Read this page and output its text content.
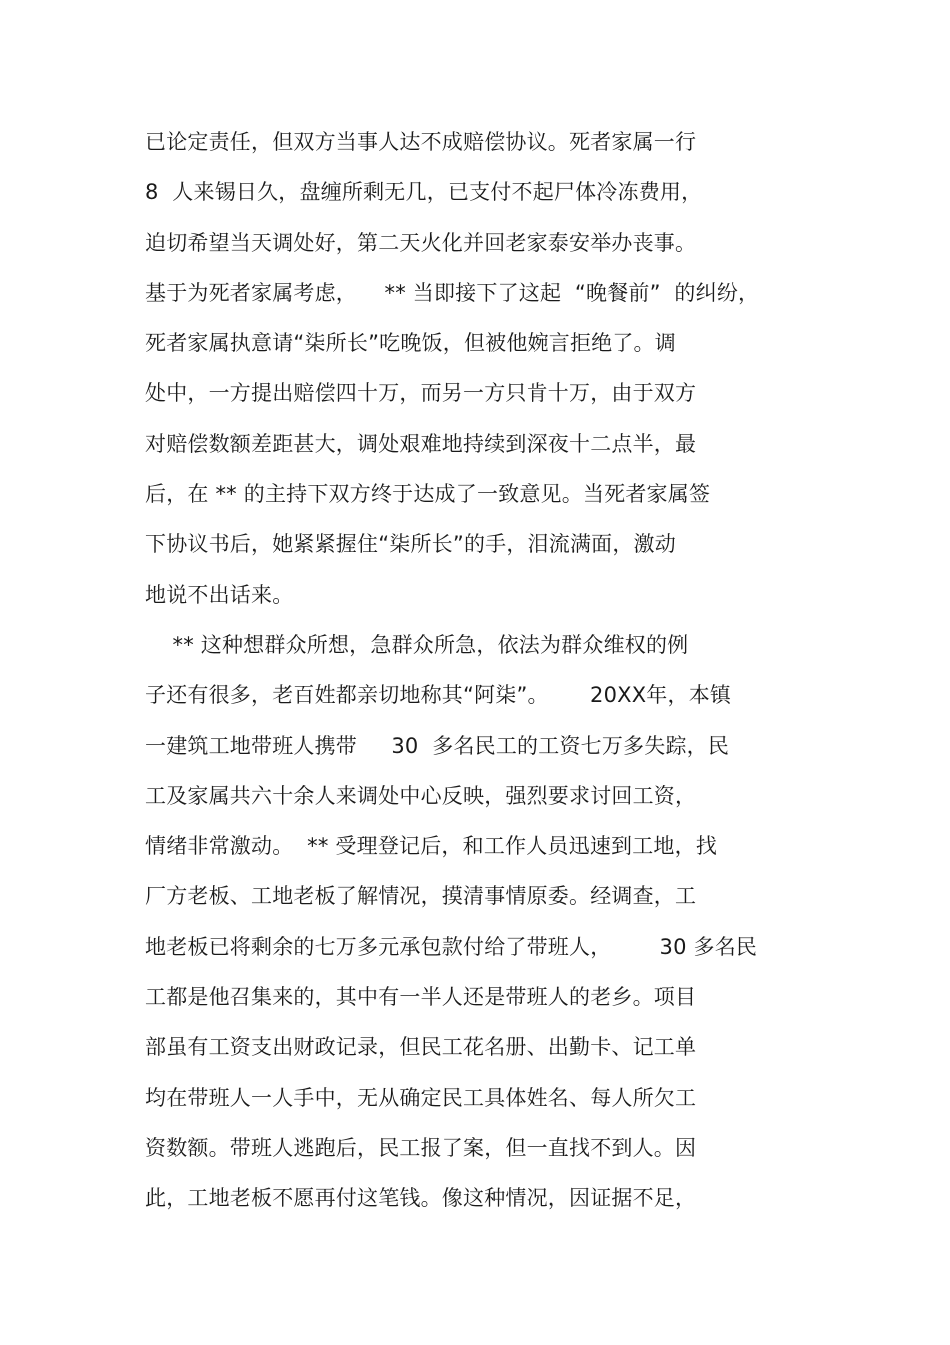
已论定责任，但双方当事人达不成赔偿协议。死者家属一行
8  人来锡日久，盘缠所剩无几，已支付不起尸体冷冻费用，
迫切希望当天调处好，第二天火化并回老家泰安举办丧事。
基于为死者家属考虑，    ** 当即接下了这起  “晚餐前”  的纠纷，
死者家属执意请“柒所长”吃晚饭，但被他婉言拒绝了。调
处中，一方提出赔偿四十万，而另一方只肯十万，由于双方
对赔偿数额差距甚大，调处艰难地持续到深夜十二点半，最
后，在 ** 的主持下双方终于达成了一致意见。当死者家属签
下协议书后，她紧紧握住“柒所长”的手，泪流满面，激动
地说不出话来。
** 这种想群众所想，急群众所急，依法为群众维权的例
子还有很多，老百姓都亲切地称其“阿柒”。      20XX年，本镇
一建筑工地带班人携带     30  多名民工的工资七万多失踪，民
工及家属共六十余人来调处中心反映，强烈要求讨回工资，
情绪非常激动。  ** 受理登记后，和工作人员迅速到工地，找
厂方老板、工地老板了解情况，摸清事情原委。经调查，工
地老板已将剩余的七万多元承包款付给了带班人，       30 多名民
工都是他召集来的，其中有一半人还是带班人的老乡。项目
部虽有工资支出财政记录，但民工花名册、出勤卡、记工单
均在带班人一人手中，无从确定民工具体姓名、每人所欠工
资数额。带班人逃跑后，民工报了案，但一直找不到人。因
此，工地老板不愿再付这笔钱。像这种情况，因证据不足，
